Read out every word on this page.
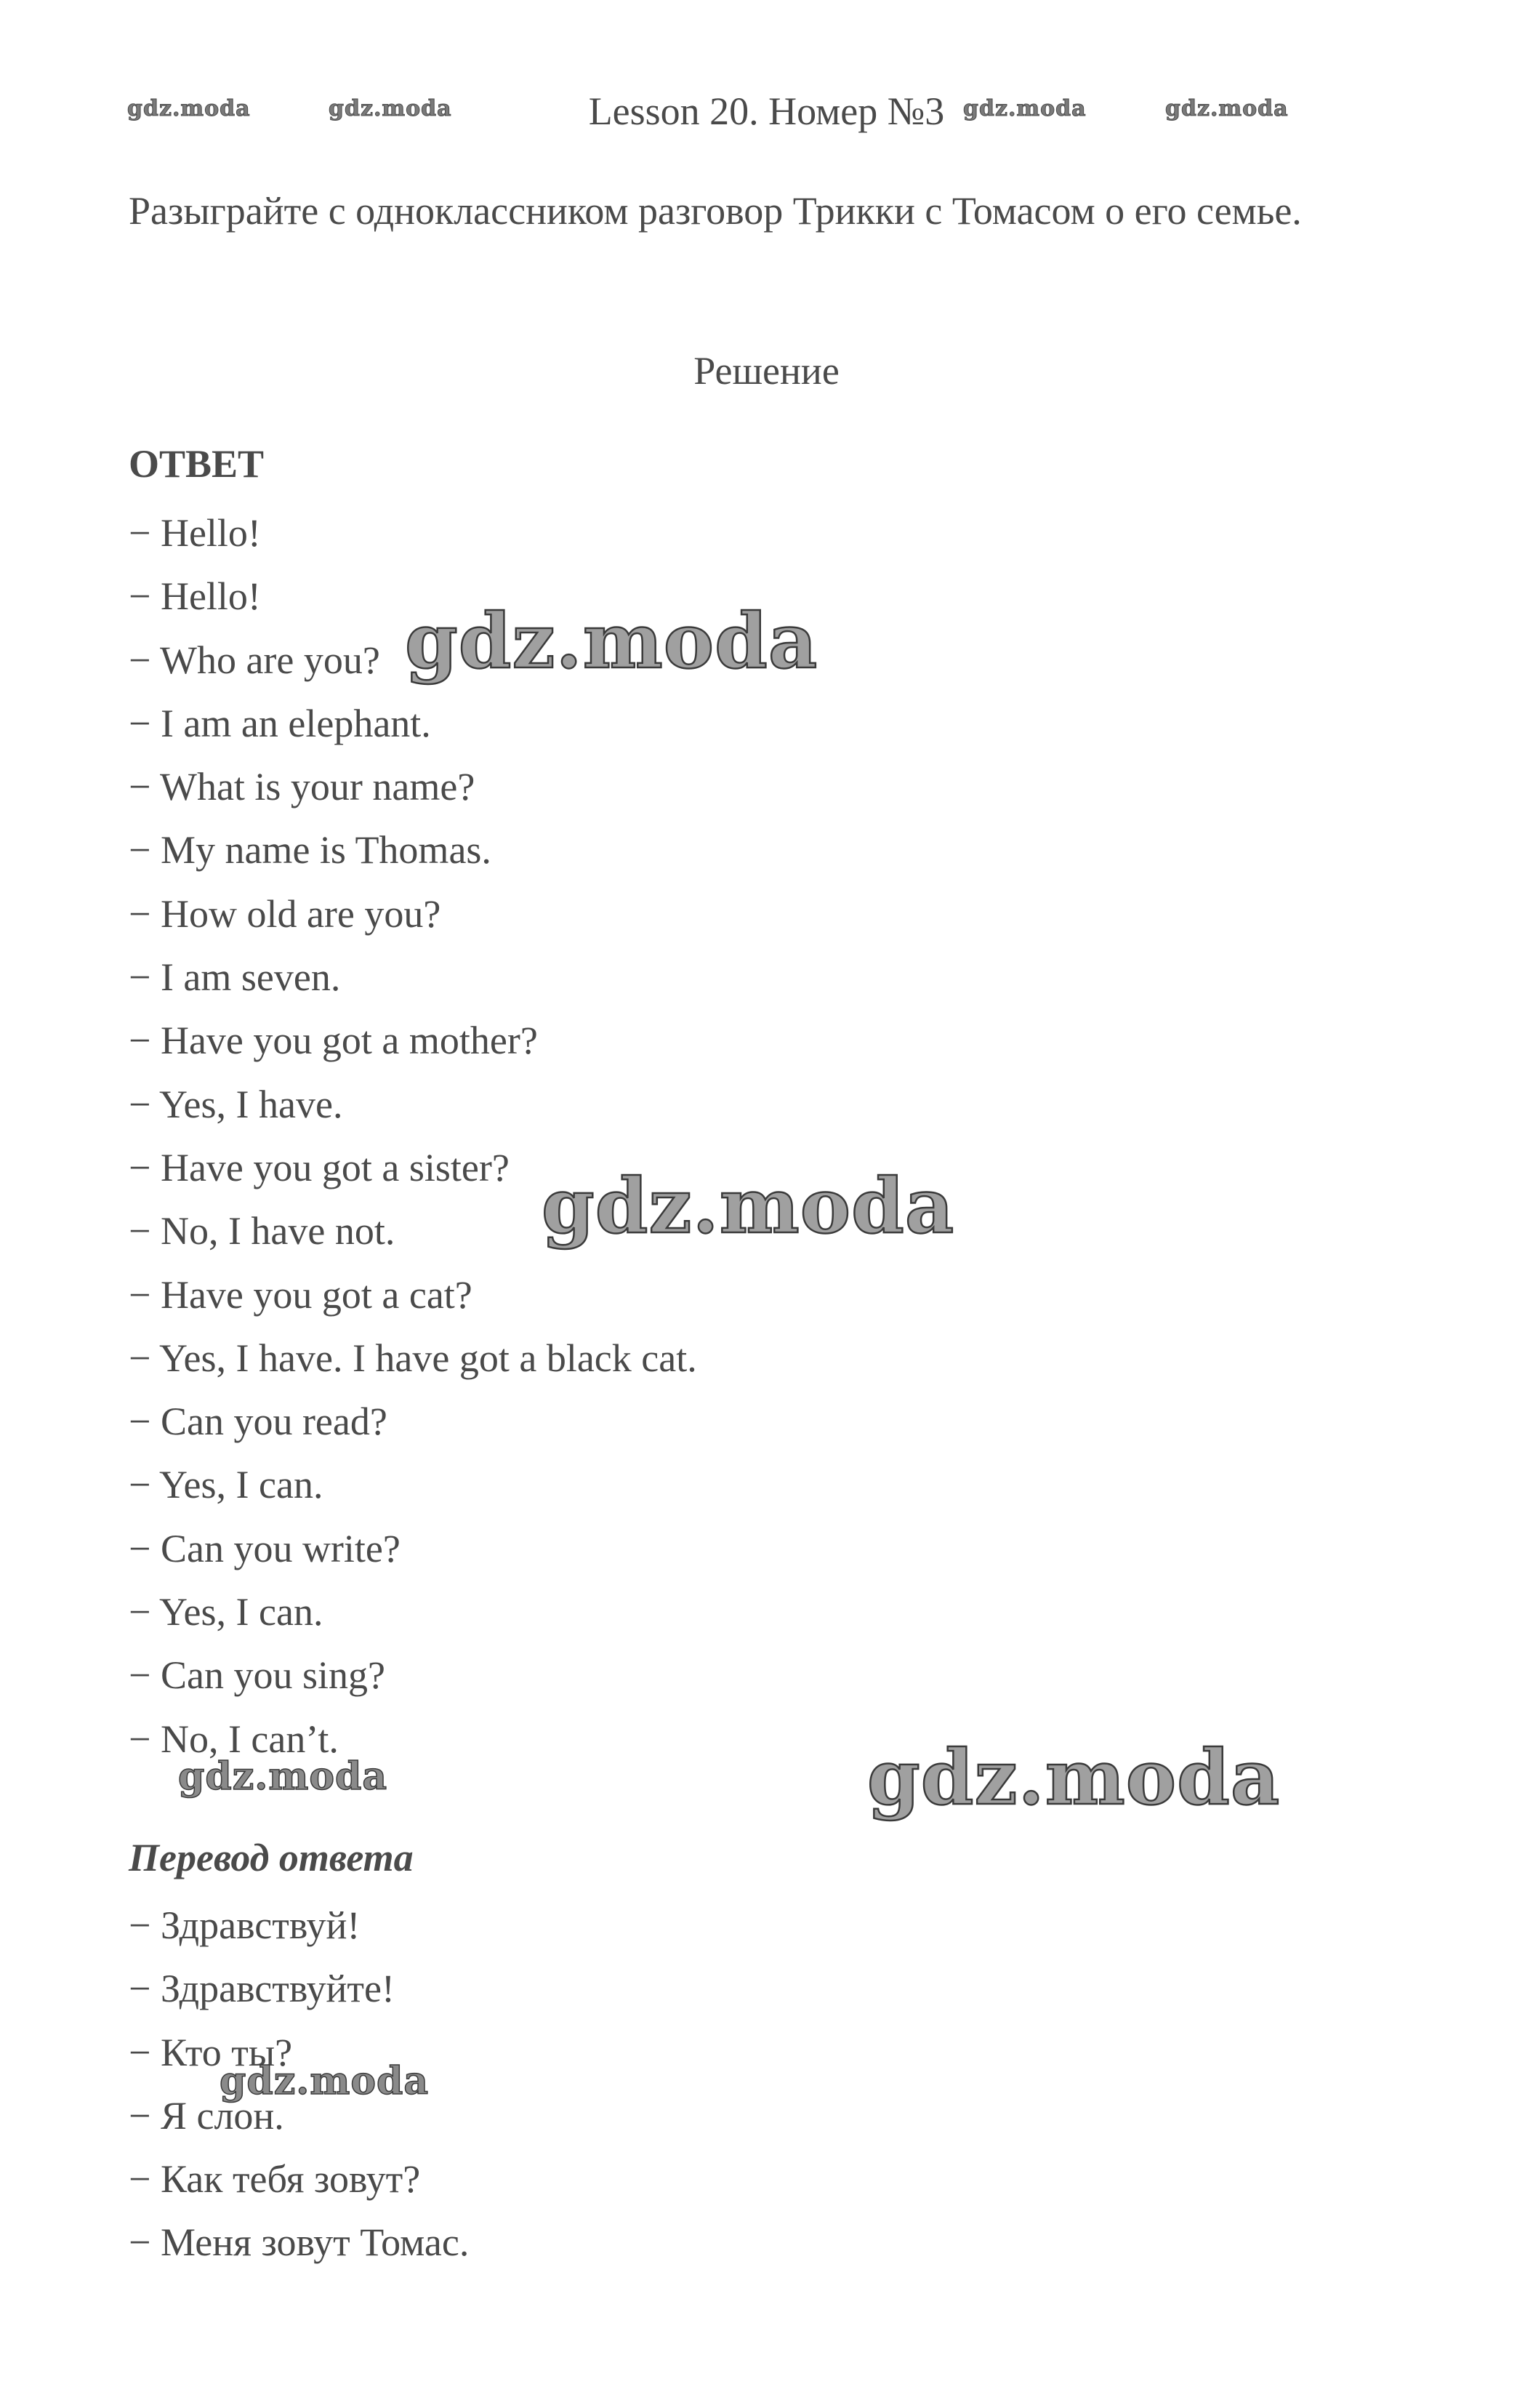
Lesson 20. Номер №3
Разыграйте с одноклассником разговор Трикки с Томасом о его семье.
Решение
ОТВЕТ
− Hello!
− Hello!
− Who are you?
− I am an elephant.
− What is your name?
− My name is Thomas.
− How old are you?
− I am seven.
− Have you got a mother?
− Yes, I have.
− Have you got a sister?
− No, I have not.
− Have you got a cat?
− Yes, I have. I have got a black cat.
− Can you read?
− Yes, I can.
− Can you write?
− Yes, I can.
− Can you sing?
− No, I can’t.
Перевод ответа
− Здравствуй!
− Здравствуйте!
− Кто ты?
− Я слон.
− Как тебя зовут?
− Меня зовут Томас.
gdz.moda	gdz.moda	gdz.moda	gdz.moda
gdz.moda
gdz.moda
gdz.moda
gdz.moda
gdz.moda
